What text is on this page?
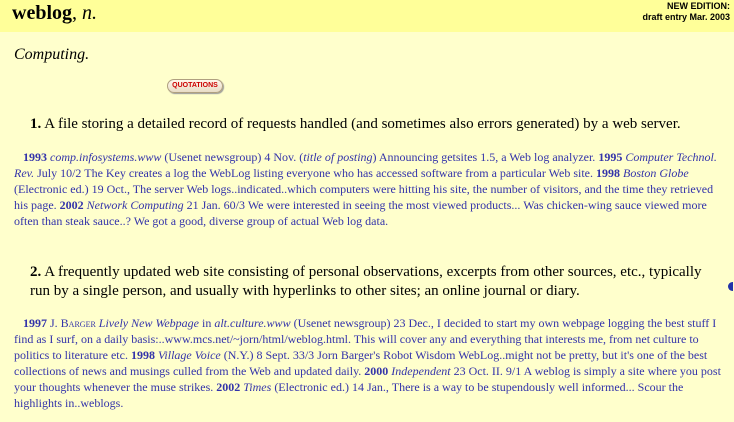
weblog, n.	NEW EDITION:
draft entry Mar. 2003
Computing.
QUOTATIONS
1. A file storing a detailed record of requests handled (and sometimes also errors generated) by a web server.
1993 comp.infosystems.www (Usenet newsgroup) 4 Nov. (title of posting) Announcing getsites 1.5, a Web log analyzer. 1995 Computer Technol. Rev. July 10/2 The Key creates a log the WebLog listing everyone who has accessed software from a particular Web site. 1998 Boston Globe (Electronic ed.) 19 Oct., The server Web logs..indicated..which computers were hitting his site, the number of visitors, and the time they retrieved his page. 2002 Network Computing 21 Jan. 60/3 We were interested in seeing the most viewed products... Was chicken-wing sauce viewed more often than steak sauce..? We got a good, diverse group of actual Web log data.
2. A frequently updated web site consisting of personal observations, excerpts from other sources, etc., typically run by a single person, and usually with hyperlinks to other sites; an online journal or diary.
1997 J. Barger Lively New Webpage in alt.culture.www (Usenet newsgroup) 23 Dec., I decided to start my own webpage logging the best stuff I find as I surf, on a daily basis:..www.mcs.net/~jorn/html/weblog.html. This will cover any and everything that interests me, from net culture to politics to literature etc. 1998 Village Voice (N.Y.) 8 Sept. 33/3 Jorn Barger's Robot Wisdom WebLog..might not be pretty, but it's one of the best collections of news and musings culled from the Web and updated daily. 2000 Independent 23 Oct. II. 9/1 A weblog is simply a site where you post your thoughts whenever the muse strikes. 2002 Times (Electronic ed.) 14 Jan., There is a way to be stupendously well informed... Scour the highlights in..weblogs.
